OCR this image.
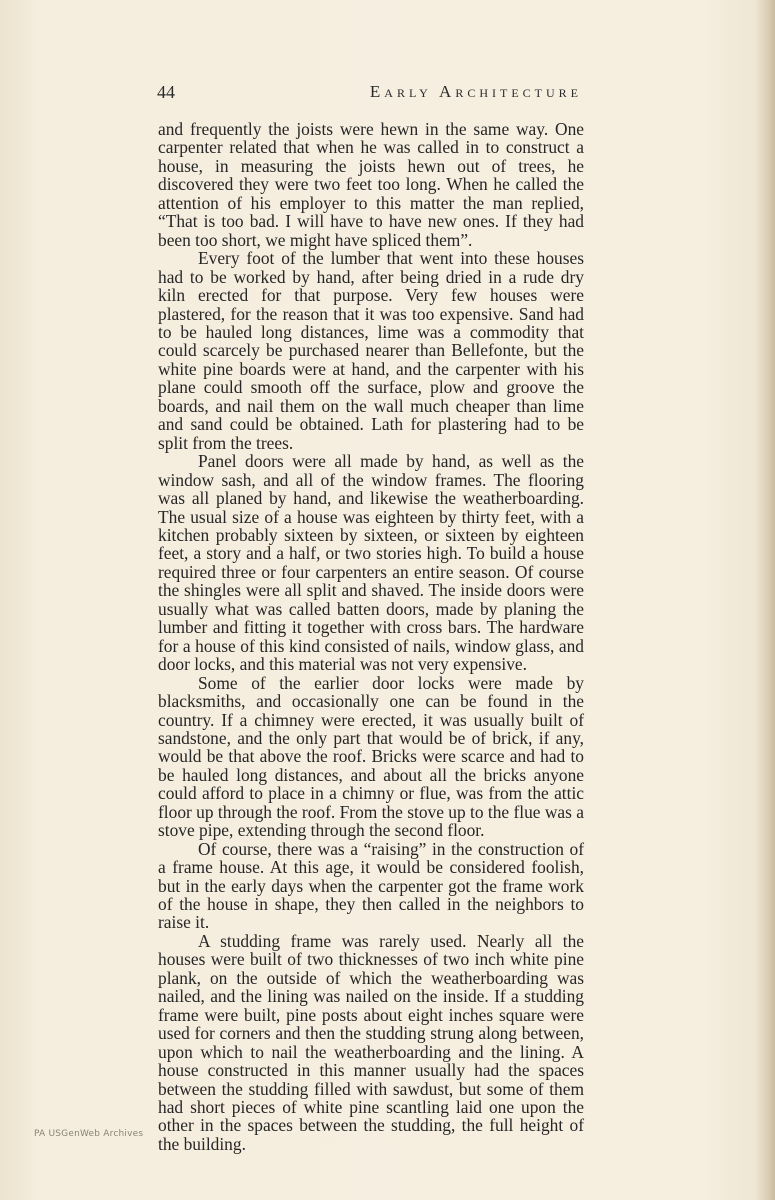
44	Early Architecture

and frequently the joists were hewn in the same way. One carpenter related that when he was called in to construct a house, in measuring the joists hewn out of trees, he discovered they were two feet too long. When he called the attention of his employer to this matter the man replied, “That is too bad. I will have to have new ones. If they had been too short, we might have spliced them”.

Every foot of the lumber that went into these houses had to be worked by hand, after being dried in a rude dry kiln erected for that purpose. Very few houses were plastered, for the reason that it was too expensive. Sand had to be hauled long distances, lime was a commodity that could scarcely be purchased nearer than Bellefonte, but the white pine boards were at hand, and the carpenter with his plane could smooth off the surface, plow and groove the boards, and nail them on the wall much cheaper than lime and sand could be obtained. Lath for plastering had to be split from the trees.

Panel doors were all made by hand, as well as the window sash, and all of the window frames. The flooring was all planed by hand, and likewise the weatherboarding. The usual size of a house was eighteen by thirty feet, with a kitchen probably sixteen by sixteen, or sixteen by eighteen feet, a story and a half, or two stories high. To build a house required three or four carpenters an entire season. Of course the shingles were all split and shaved. The inside doors were usually what was called batten doors, made by planing the lumber and fitting it together with cross bars. The hardware for a house of this kind consisted of nails, window glass, and door locks, and this material was not very expensive.

Some of the earlier door locks were made by blacksmiths, and occasionally one can be found in the country. If a chimney were erected, it was usually built of sandstone, and the only part that would be of brick, if any, would be that above the roof. Bricks were scarce and had to be hauled long distances, and about all the bricks anyone could afford to place in a chimny or flue, was from the attic floor up through the roof. From the stove up to the flue was a stove pipe, extending through the second floor.

Of course, there was a “raising” in the construction of a frame house. At this age, it would be considered foolish, but in the early days when the carpenter got the frame work of the house in shape, they then called in the neighbors to raise it.

A studding frame was rarely used. Nearly all the houses were built of two thicknesses of two inch white pine plank, on the outside of which the weatherboarding was nailed, and the lining was nailed on the inside. If a studding frame were built, pine posts about eight inches square were used for corners and then the studding strung along between, upon which to nail the weatherboarding and the lining. A house constructed in this manner usually had the spaces between the studding filled with sawdust, but some of them had short pieces of white pine scantling laid one upon the other in the spaces between the studding, the full height of the building.

PA USGenWeb Archives
